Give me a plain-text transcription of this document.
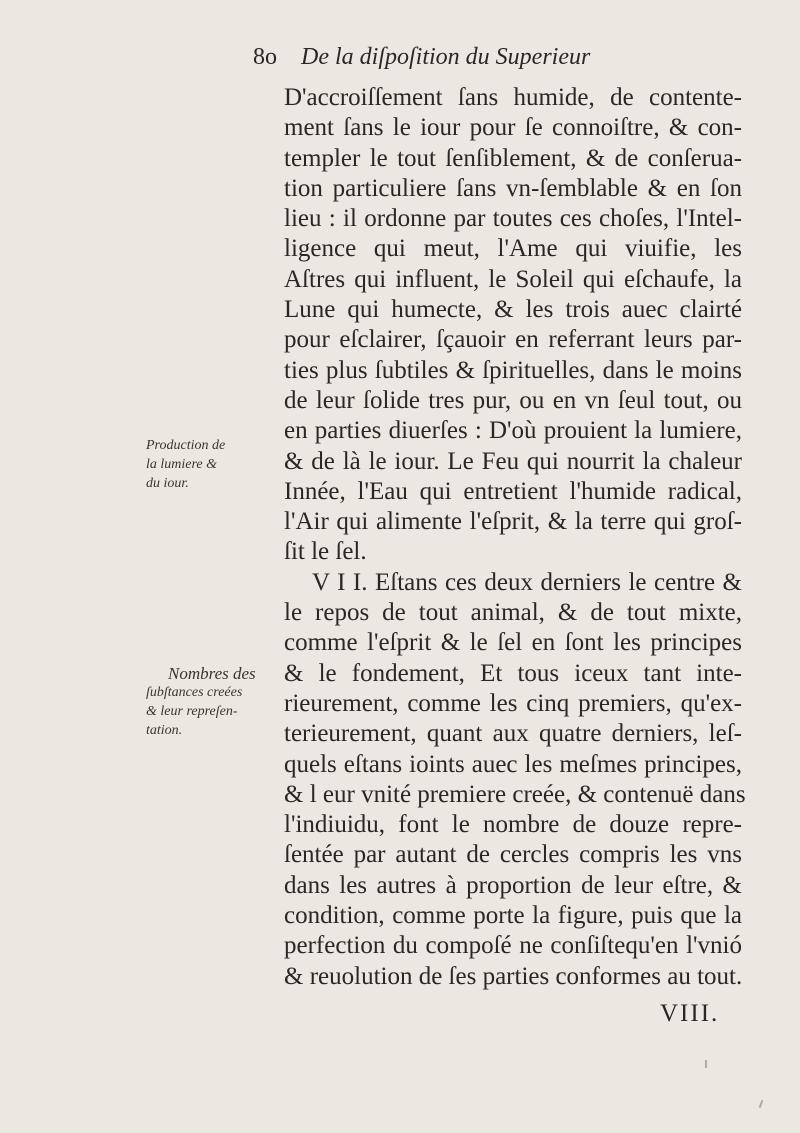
8o De la diſpoſition du Superieur
D'accroiſſement ſans humide, de contente-
ment ſans le iour pour ſe connoiſtre, & con-
templer le tout ſenſiblement, & de conſerua-
tion particuliere ſans vn-ſemblable & en ſon
lieu : il ordonne par toutes ces choſes, l'Intel-
ligence qui meut, l'Ame qui viuifie, les
Aſtres qui influent, le Soleil qui eſchaufe, la
Lune qui humecte, & les trois auec clairté
pour eſclairer, ſçauoir en referrant leurs par-
ties plus ſubtiles & ſpirituelles, dans le moins
de leur ſolide tres pur, ou en vn ſeul tout, ou
en parties diuerſes : D'où prouient la lumiere,
& de là le iour. Le Feu qui nourrit la chaleur
Innée, l'Eau qui entretient l'humide radical,
l'Air qui alimente l'eſprit, & la terre qui groſ-
ſit le ſel.
V I I. Eſtans ces deux derniers le centre &
le repos de tout animal, & de tout mixte,
comme l'eſprit & le ſel en ſont les principes
& le fondement, Et tous iceux tant inte-
rieurement, comme les cinq premiers, qu'ex-
terieurement, quant aux quatre derniers, leſ-
quels eſtans ioints auec les meſmes principes,
& l eur vnité premiere creée, & contenuë dans
l'indiuidu, font le nombre de douze repre-
ſentée par autant de cercles compris les vns
dans les autres à proportion de leur eſtre, &
condition, comme porte la figure, puis que la
perfection du compoſé ne conſiſtequ'en l'vnió
& reuolution de ſes parties conformes au tout.
Production de
la lumiere &
du iour.
Nombres des
ſubſtances creées
& leur repreſen-
tation.
VIII.
